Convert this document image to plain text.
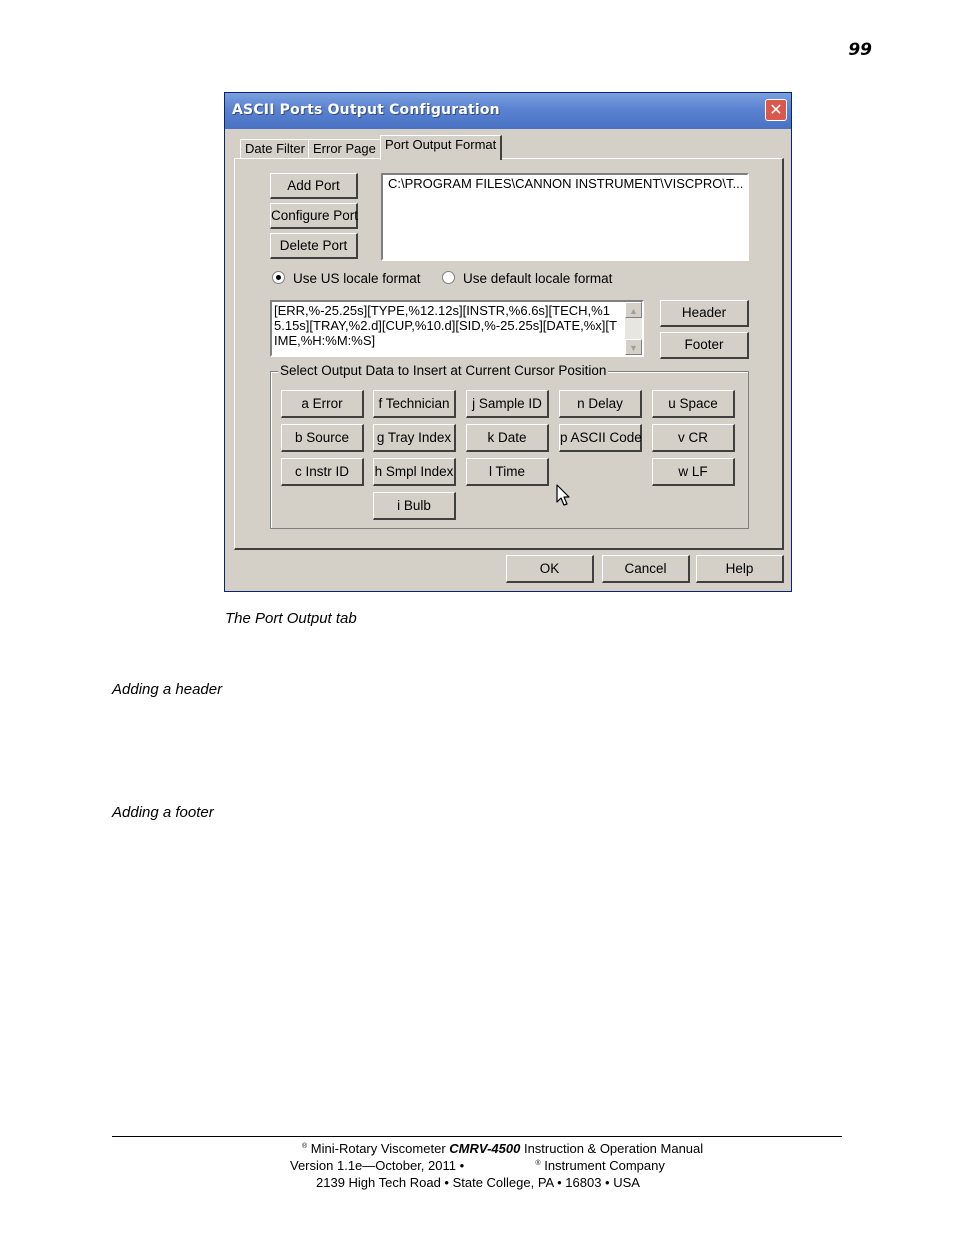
99
ASCII Ports Output Configuration	✕
Date Filter Error Page Port Output Format
Add Port
Configure Port
Delete Port
C:\PROGRAM FILES\CANNON INSTRUMENT\VISCPRO\T...
Use US locale format	Use default locale format
[ERR,%-25.25s][TYPE,%12.12s][INSTR,%6.6s][TECH,%15.15s][TRAY,%2.d][CUP,%10.d][SID,%-25.25s][DATE,%x][TIME,%H:%M:%S]
▲
▼
Header
Footer
Select Output Data to Insert at Current Cursor Position
a Error	f Technician	j Sample ID	n Delay	u Space
b Source	g Tray Index	k Date	p ASCII Code	v CR
c Instr ID	h Smpl Index	l Time	w LF
i Bulb
OK	Cancel	Help
The Port Output tab
Adding a header
Adding a footer
® Mini-Rotary Viscometer CMRV-4500 Instruction & Operation Manual
Version 1.1e—October, 2011 •	® Instrument Company
2139 High Tech Road • State College, PA • 16803 • USA
